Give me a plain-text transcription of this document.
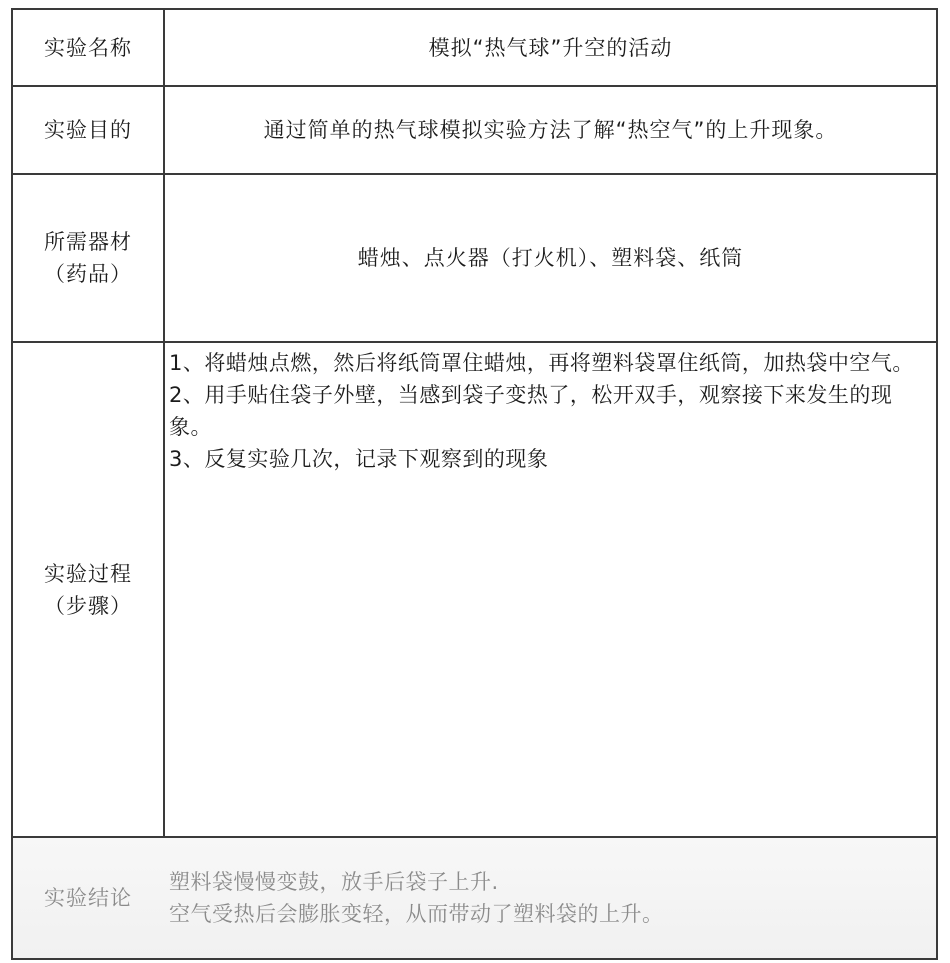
实验名称	模拟“热气球”升空的活动
实验目的	通过简单的热气球模拟实验方法了解“热空气”的上升现象。
所需器材
（药品）
蜡烛、点火器（打火机）、塑料袋、纸筒
实验过程
（步骤）

1、将蜡烛点燃，然后将纸筒罩住蜡烛，再将塑料袋罩住纸筒，加热袋中空气。

2、用手贴住袋子外壁，当感到袋子变热了，松开双手，观察接下来发生的现象。

3、反复实验几次，记录下观察到的现象

实验结论

塑料袋慢慢变鼓，放手后袋子上升.

空气受热后会膨胀变轻，从而带动了塑料袋的上升。
